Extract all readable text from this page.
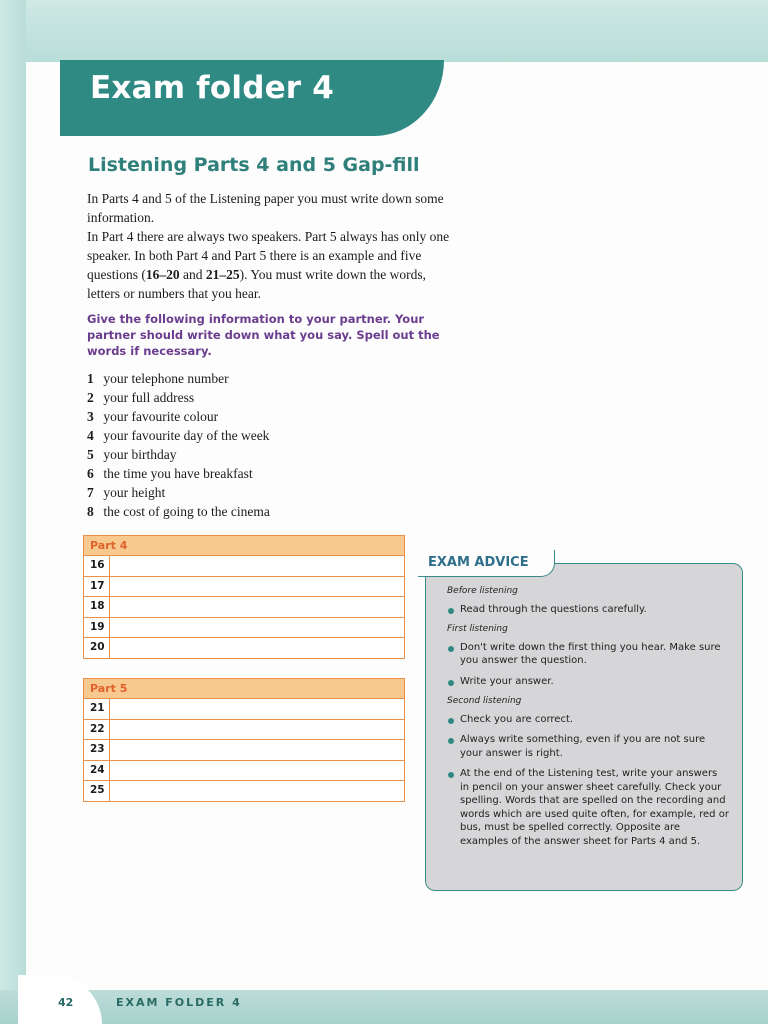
Exam folder 4
Listening Parts 4 and 5 Gap-fill

In Parts 4 and 5 of the Listening paper you must write down some information.

In Part 4 there are always two speakers. Part 5 always has only one speaker. In both Part 4 and Part 5 there is an example and five questions (16–20 and 21–25). You must write down the words, letters or numbers that you hear.

Give the following information to your partner. Your partner should write down what you say. Spell out the words if necessary.
1 your telephone number
2 your full address
3 your favourite colour
4 your favourite day of the week
5 your birthday
6 the time you have breakfast
7 your height
8 the cost of going to the cinema
Part 4
16
17
18
19
20
Part 5
21
22
23
24
25
EXAM ADVICE

Before listening

Read through the questions carefully.

First listening

Don't write down the first thing you hear. Make sure you answer the question.
Write your answer.

Second listening

Check you are correct.
Always write something, even if you are not sure your answer is right.
At the end of the Listening test, write your answers in pencil on your answer sheet carefully. Check your spelling. Words that are spelled on the recording and words which are used quite often, for example, red or bus, must be spelled correctly. Opposite are examples of the answer sheet for Parts 4 and 5.
42	EXAM FOLDER 4
